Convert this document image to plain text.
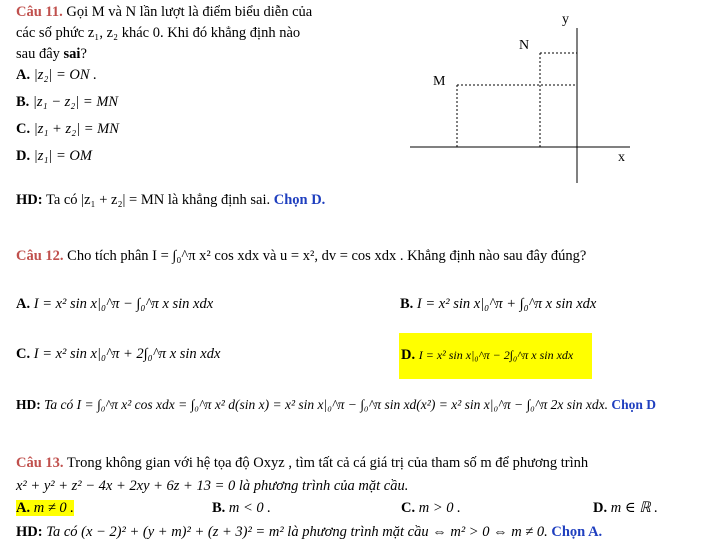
Câu 11. Gọi M và N lần lượt là điểm biểu diễn của
các số phức z₁, z₂ khác 0. Khi đó khẳng định nào
sau đây sai?
A. |z₂| = ON .
B. |z₁ − z₂| = MN
C. |z₁ + z₂| = MN
D. |z₁| = OM
HD: Ta có |z₁ + z₂| = MN là khẳng định sai. Chọn D.
y
x
N
M
Câu 12. Cho tích phân I = ∫₀^π x² cos xdx và u = x², dv = cos xdx . Khẳng định nào sau đây đúng?
A. I = x² sin x|₀^π − ∫₀^π x sin xdx	B. I = x² sin x|₀^π + ∫₀^π x sin xdx
C. I = x² sin x|₀^π + 2∫₀^π x sin xdx	D. I = x² sin x|₀^π − 2∫₀^π x sin xdx
HD: Ta có I = ∫₀^π x² cos xdx = ∫₀^π x² d(sin x) = x² sin x|₀^π − ∫₀^π sin xd(x²) = x² sin x|₀^π − ∫₀^π 2x sin xdx. Chọn D
Câu 13. Trong không gian với hệ tọa độ Oxyz , tìm tất cả cá giá trị của tham số m để phương trình
x² + y² + z² − 4x + 2xy + 6z + 13 = 0 là phương trình của mặt cầu.
A. m ≠ 0 .	B. m < 0 .	C. m > 0 .	D. m ∈ ℝ .
HD: Ta có (x − 2)² + (y + m)² + (z + 3)² = m² là phương trình mặt cầu ⇔ m² > 0 ⇔ m ≠ 0. Chọn A.
